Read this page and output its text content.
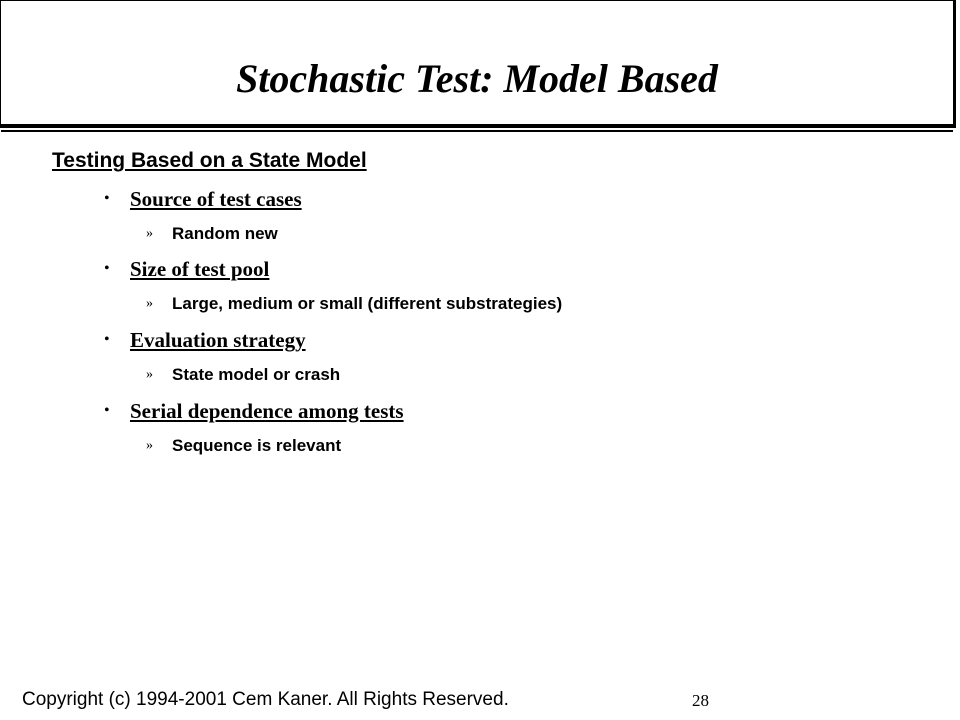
Stochastic Test: Model Based
Testing Based on a State Model
• Source of test cases
»	Random new
• Size of test pool
»	Large, medium or small (different substrategies)
• Evaluation strategy
»	State model or crash
• Serial dependence among tests
»	Sequence is relevant
Copyright (c) 1994-2001 Cem Kaner. All Rights Reserved.	28
